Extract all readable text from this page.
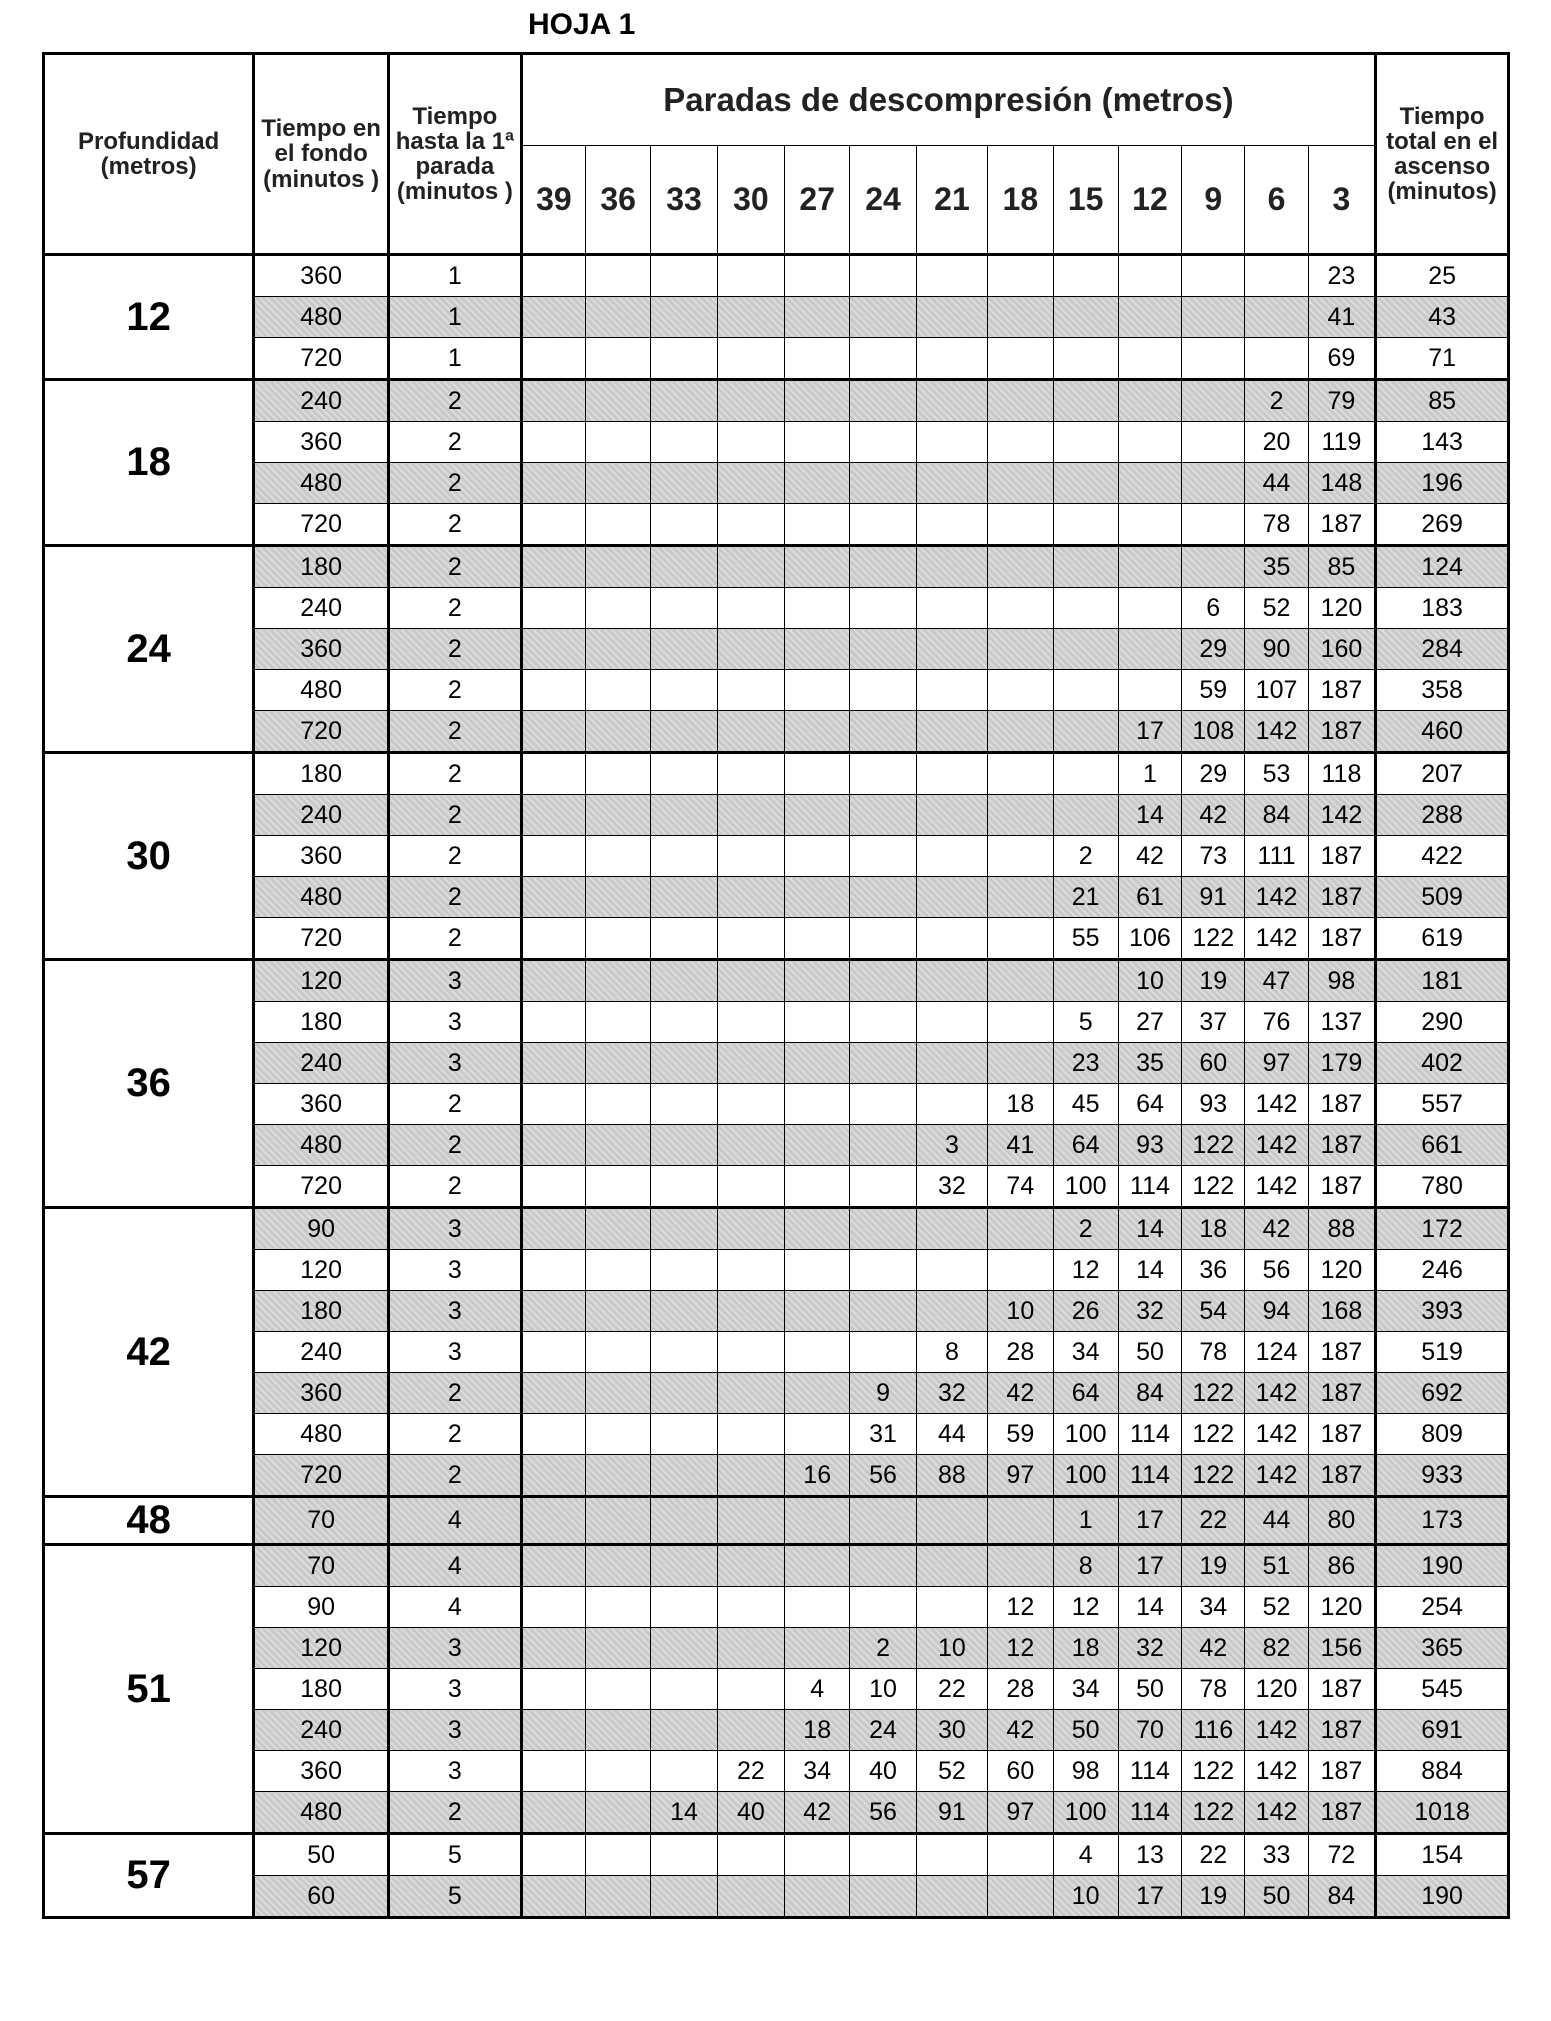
HOJA 1
Profundidad (metros)	Tiempo en el fondo (minutos )	Tiempo hasta la 1ª parada (minutos )	Paradas de descompresión (metros)													Tiempo total en el ascenso (minutos)
			39	36	33	30	27	24	21	18	15	12	9	6	3	
12	360	1													23	25
	480	1													41	43
	720	1													69	71
18	240	2												2	79	85
	360	2												20	119	143
	480	2												44	148	196
	720	2												78	187	269
24	180	2												35	85	124
	240	2											6	52	120	183
	360	2											29	90	160	284
	480	2											59	107	187	358
	720	2										17	108	142	187	460
30	180	2										1	29	53	118	207
	240	2										14	42	84	142	288
	360	2									2	42	73	111	187	422
	480	2									21	61	91	142	187	509
	720	2									55	106	122	142	187	619
36	120	3										10	19	47	98	181
	180	3									5	27	37	76	137	290
	240	3									23	35	60	97	179	402
	360	2								18	45	64	93	142	187	557
	480	2							3	41	64	93	122	142	187	661
	720	2							32	74	100	114	122	142	187	780
42	90	3									2	14	18	42	88	172
	120	3									12	14	36	56	120	246
	180	3								10	26	32	54	94	168	393
	240	3							8	28	34	50	78	124	187	519
	360	2						9	32	42	64	84	122	142	187	692
	480	2						31	44	59	100	114	122	142	187	809
	720	2					16	56	88	97	100	114	122	142	187	933
48	70	4									1	17	22	44	80	173
51	70	4									8	17	19	51	86	190
	90	4								12	12	14	34	52	120	254
	120	3						2	10	12	18	32	42	82	156	365
	180	3					4	10	22	28	34	50	78	120	187	545
	240	3					18	24	30	42	50	70	116	142	187	691
	360	3				22	34	40	52	60	98	114	122	142	187	884
	480	2			14	40	42	56	91	97	100	114	122	142	187	1018
57	50	5									4	13	22	33	72	154
	60	5									10	17	19	50	84	190
